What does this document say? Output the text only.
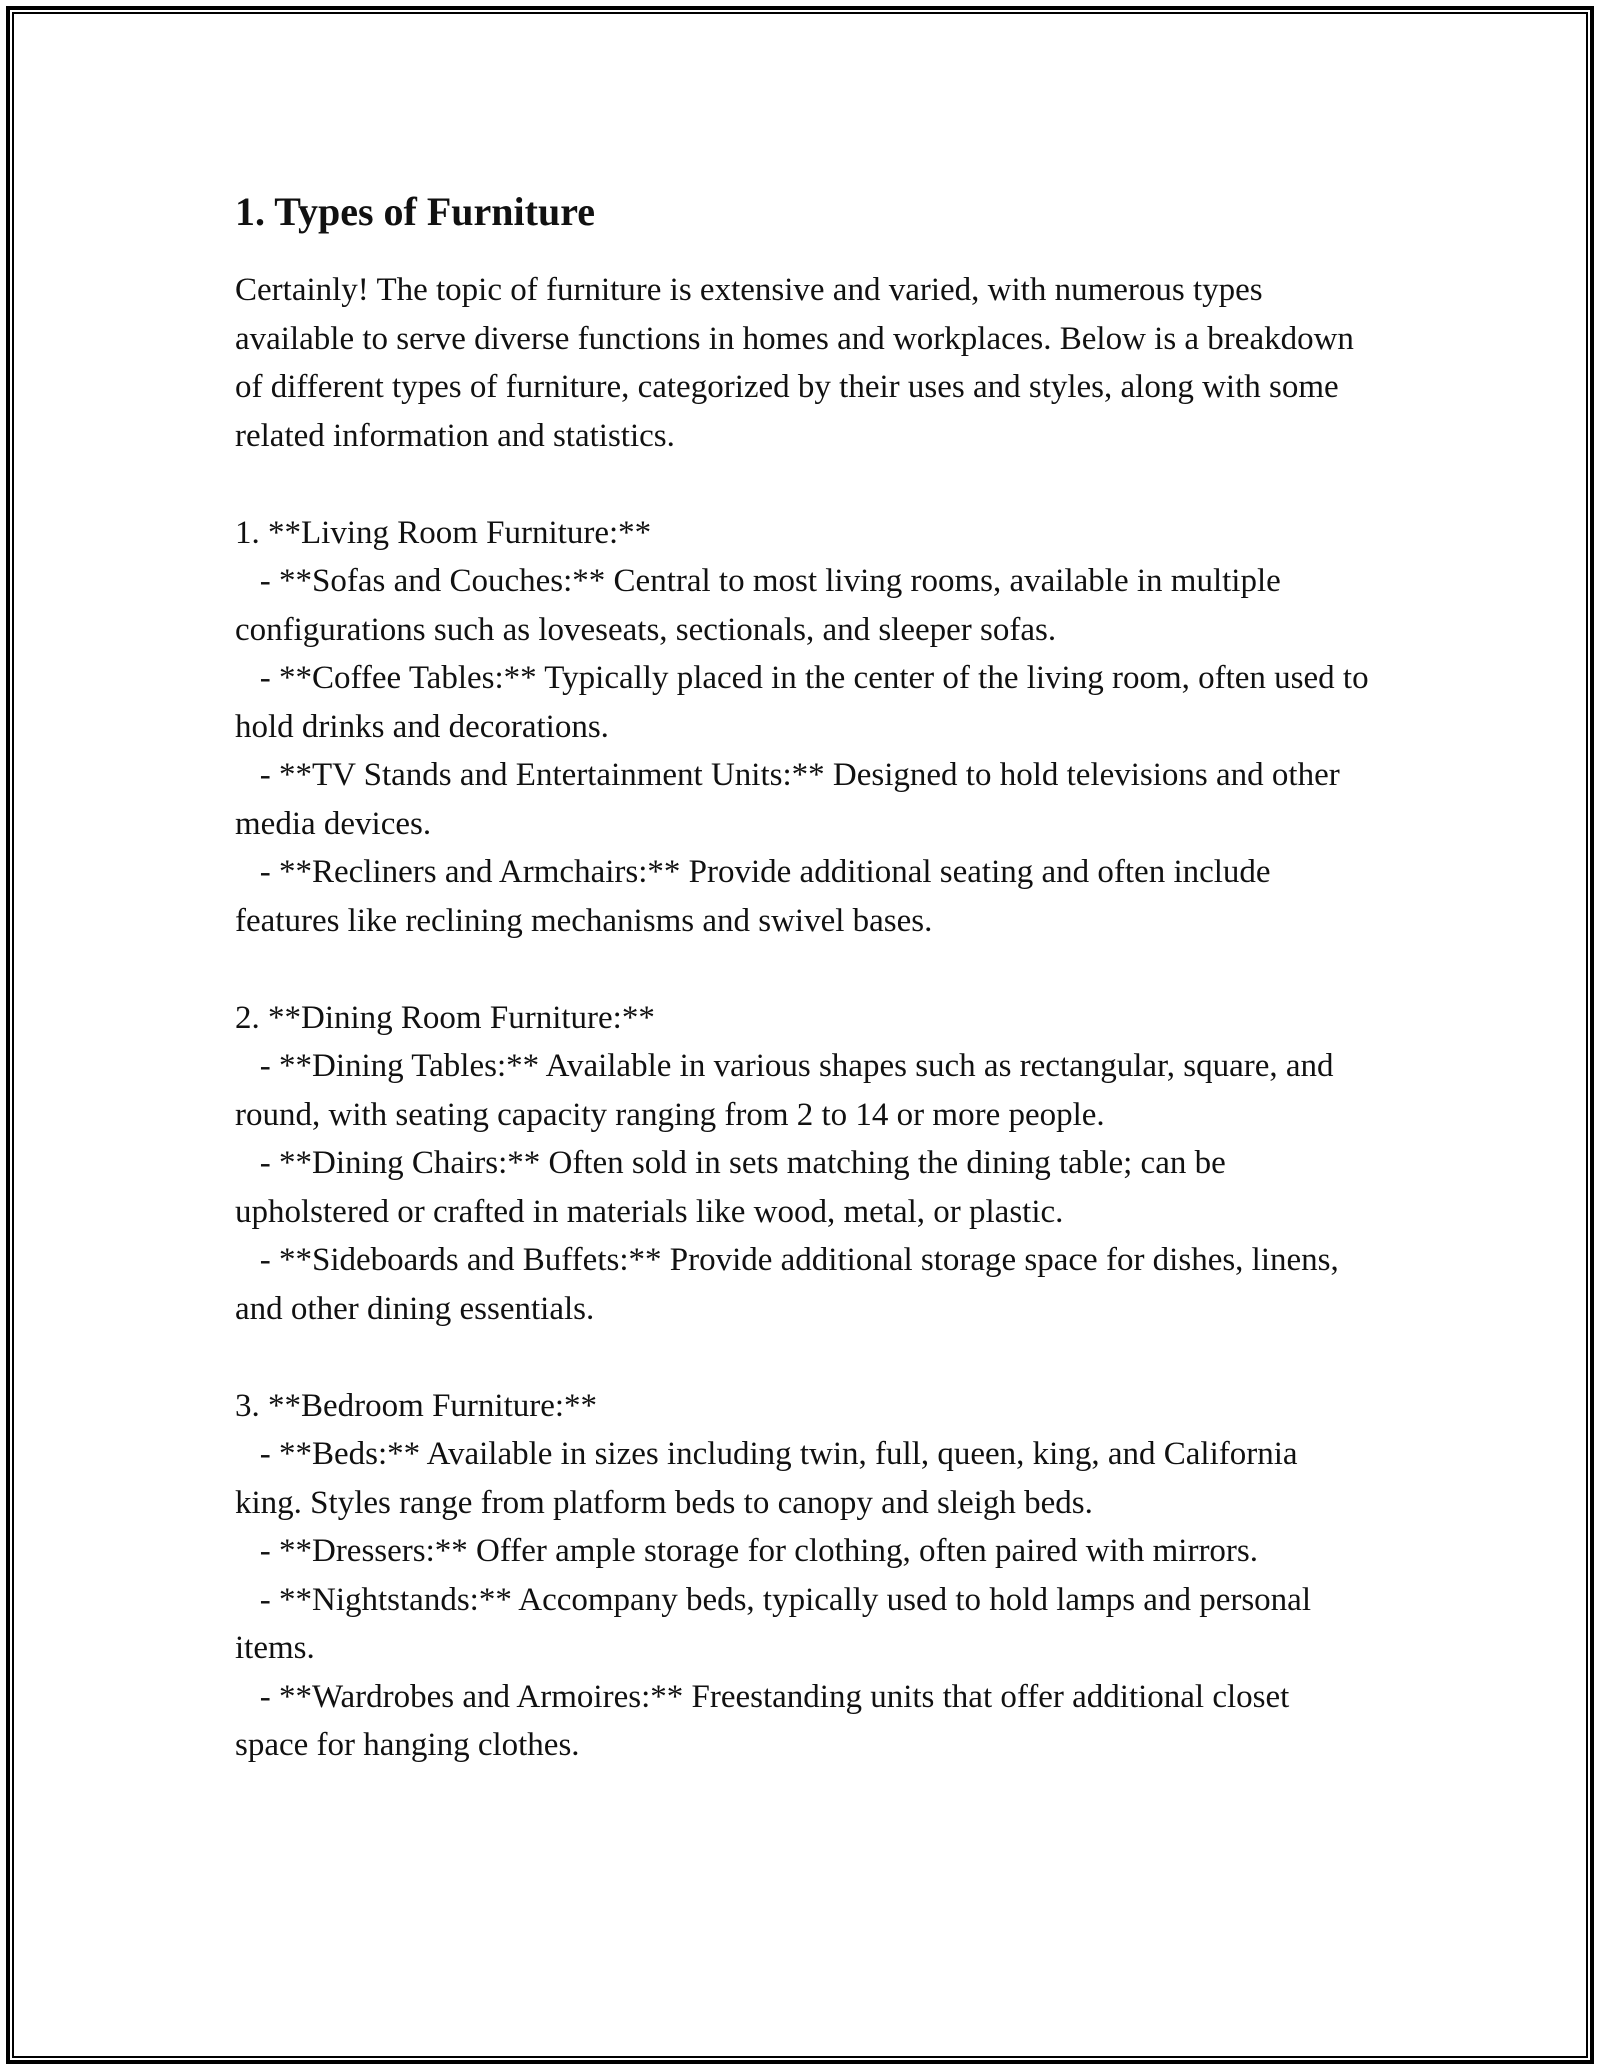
1. Types of Furniture

Certainly! The topic of furniture is extensive and varied, with numerous types available to serve diverse functions in homes and workplaces. Below is a breakdown of different types of furniture, categorized by their uses and styles, along with some related information and statistics.

1. **Living Room Furniture:**

- **Sofas and Couches:** Central to most living rooms, available in multiple configurations such as loveseats, sectionals, and sleeper sofas.

- **Coffee Tables:** Typically placed in the center of the living room, often used to hold drinks and decorations.

- **TV Stands and Entertainment Units:** Designed to hold televisions and other media devices.

- **Recliners and Armchairs:** Provide additional seating and often include features like reclining mechanisms and swivel bases.

2. **Dining Room Furniture:**

- **Dining Tables:** Available in various shapes such as rectangular, square, and round, with seating capacity ranging from 2 to 14 or more people.

- **Dining Chairs:** Often sold in sets matching the dining table; can be upholstered or crafted in materials like wood, metal, or plastic.

- **Sideboards and Buffets:** Provide additional storage space for dishes, linens, and other dining essentials.

3. **Bedroom Furniture:**

- **Beds:** Available in sizes including twin, full, queen, king, and California king. Styles range from platform beds to canopy and sleigh beds.

- **Dressers:** Offer ample storage for clothing, often paired with mirrors.

- **Nightstands:** Accompany beds, typically used to hold lamps and personal items.

- **Wardrobes and Armoires:** Freestanding units that offer additional closet space for hanging clothes.
